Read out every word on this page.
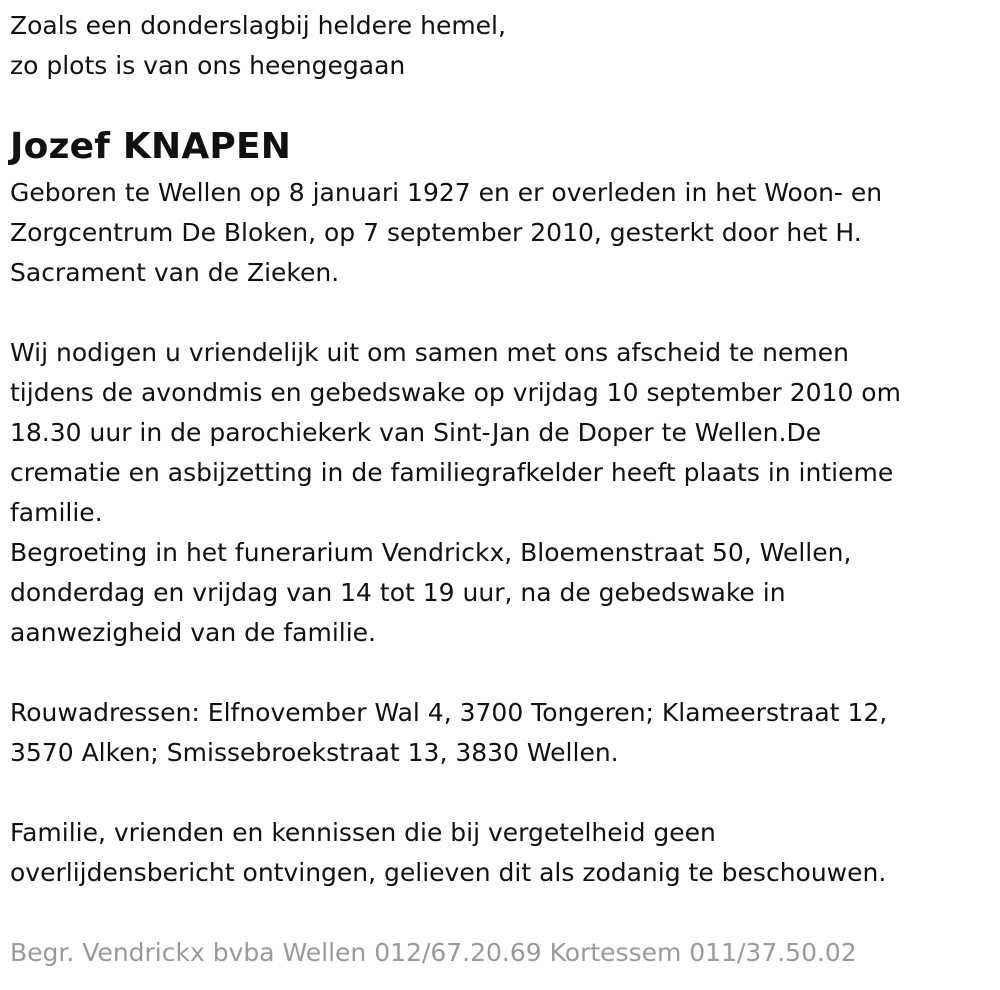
Zoals een donderslagbij heldere hemel,
zo plots is van ons heengegaan
Jozef KNAPEN
Geboren te Wellen op 8 januari 1927 en er overleden in het Woon- en
Zorgcentrum De Bloken, op 7 september 2010, gesterkt door het H.
Sacrament van de Zieken.
Wij nodigen u vriendelijk uit om samen met ons afscheid te nemen
tijdens de avondmis en gebedswake op vrijdag 10 september 2010 om
18.30 uur in de parochiekerk van Sint-Jan de Doper te Wellen.De
crematie en asbijzetting in de familiegrafkelder heeft plaats in intieme
familie.
Begroeting in het funerarium Vendrickx, Bloemenstraat 50, Wellen,
donderdag en vrijdag van 14 tot 19 uur, na de gebedswake in
aanwezigheid van de familie.
Rouwadressen: Elfnovember Wal 4, 3700 Tongeren; Klameerstraat 12,
3570 Alken; Smissebroekstraat 13, 3830 Wellen.
Familie, vrienden en kennissen die bij vergetelheid geen
overlijdensbericht ontvingen, gelieven dit als zodanig te beschouwen.
Begr. Vendrickx bvba Wellen 012/67.20.69 Kortessem 011/37.50.02
